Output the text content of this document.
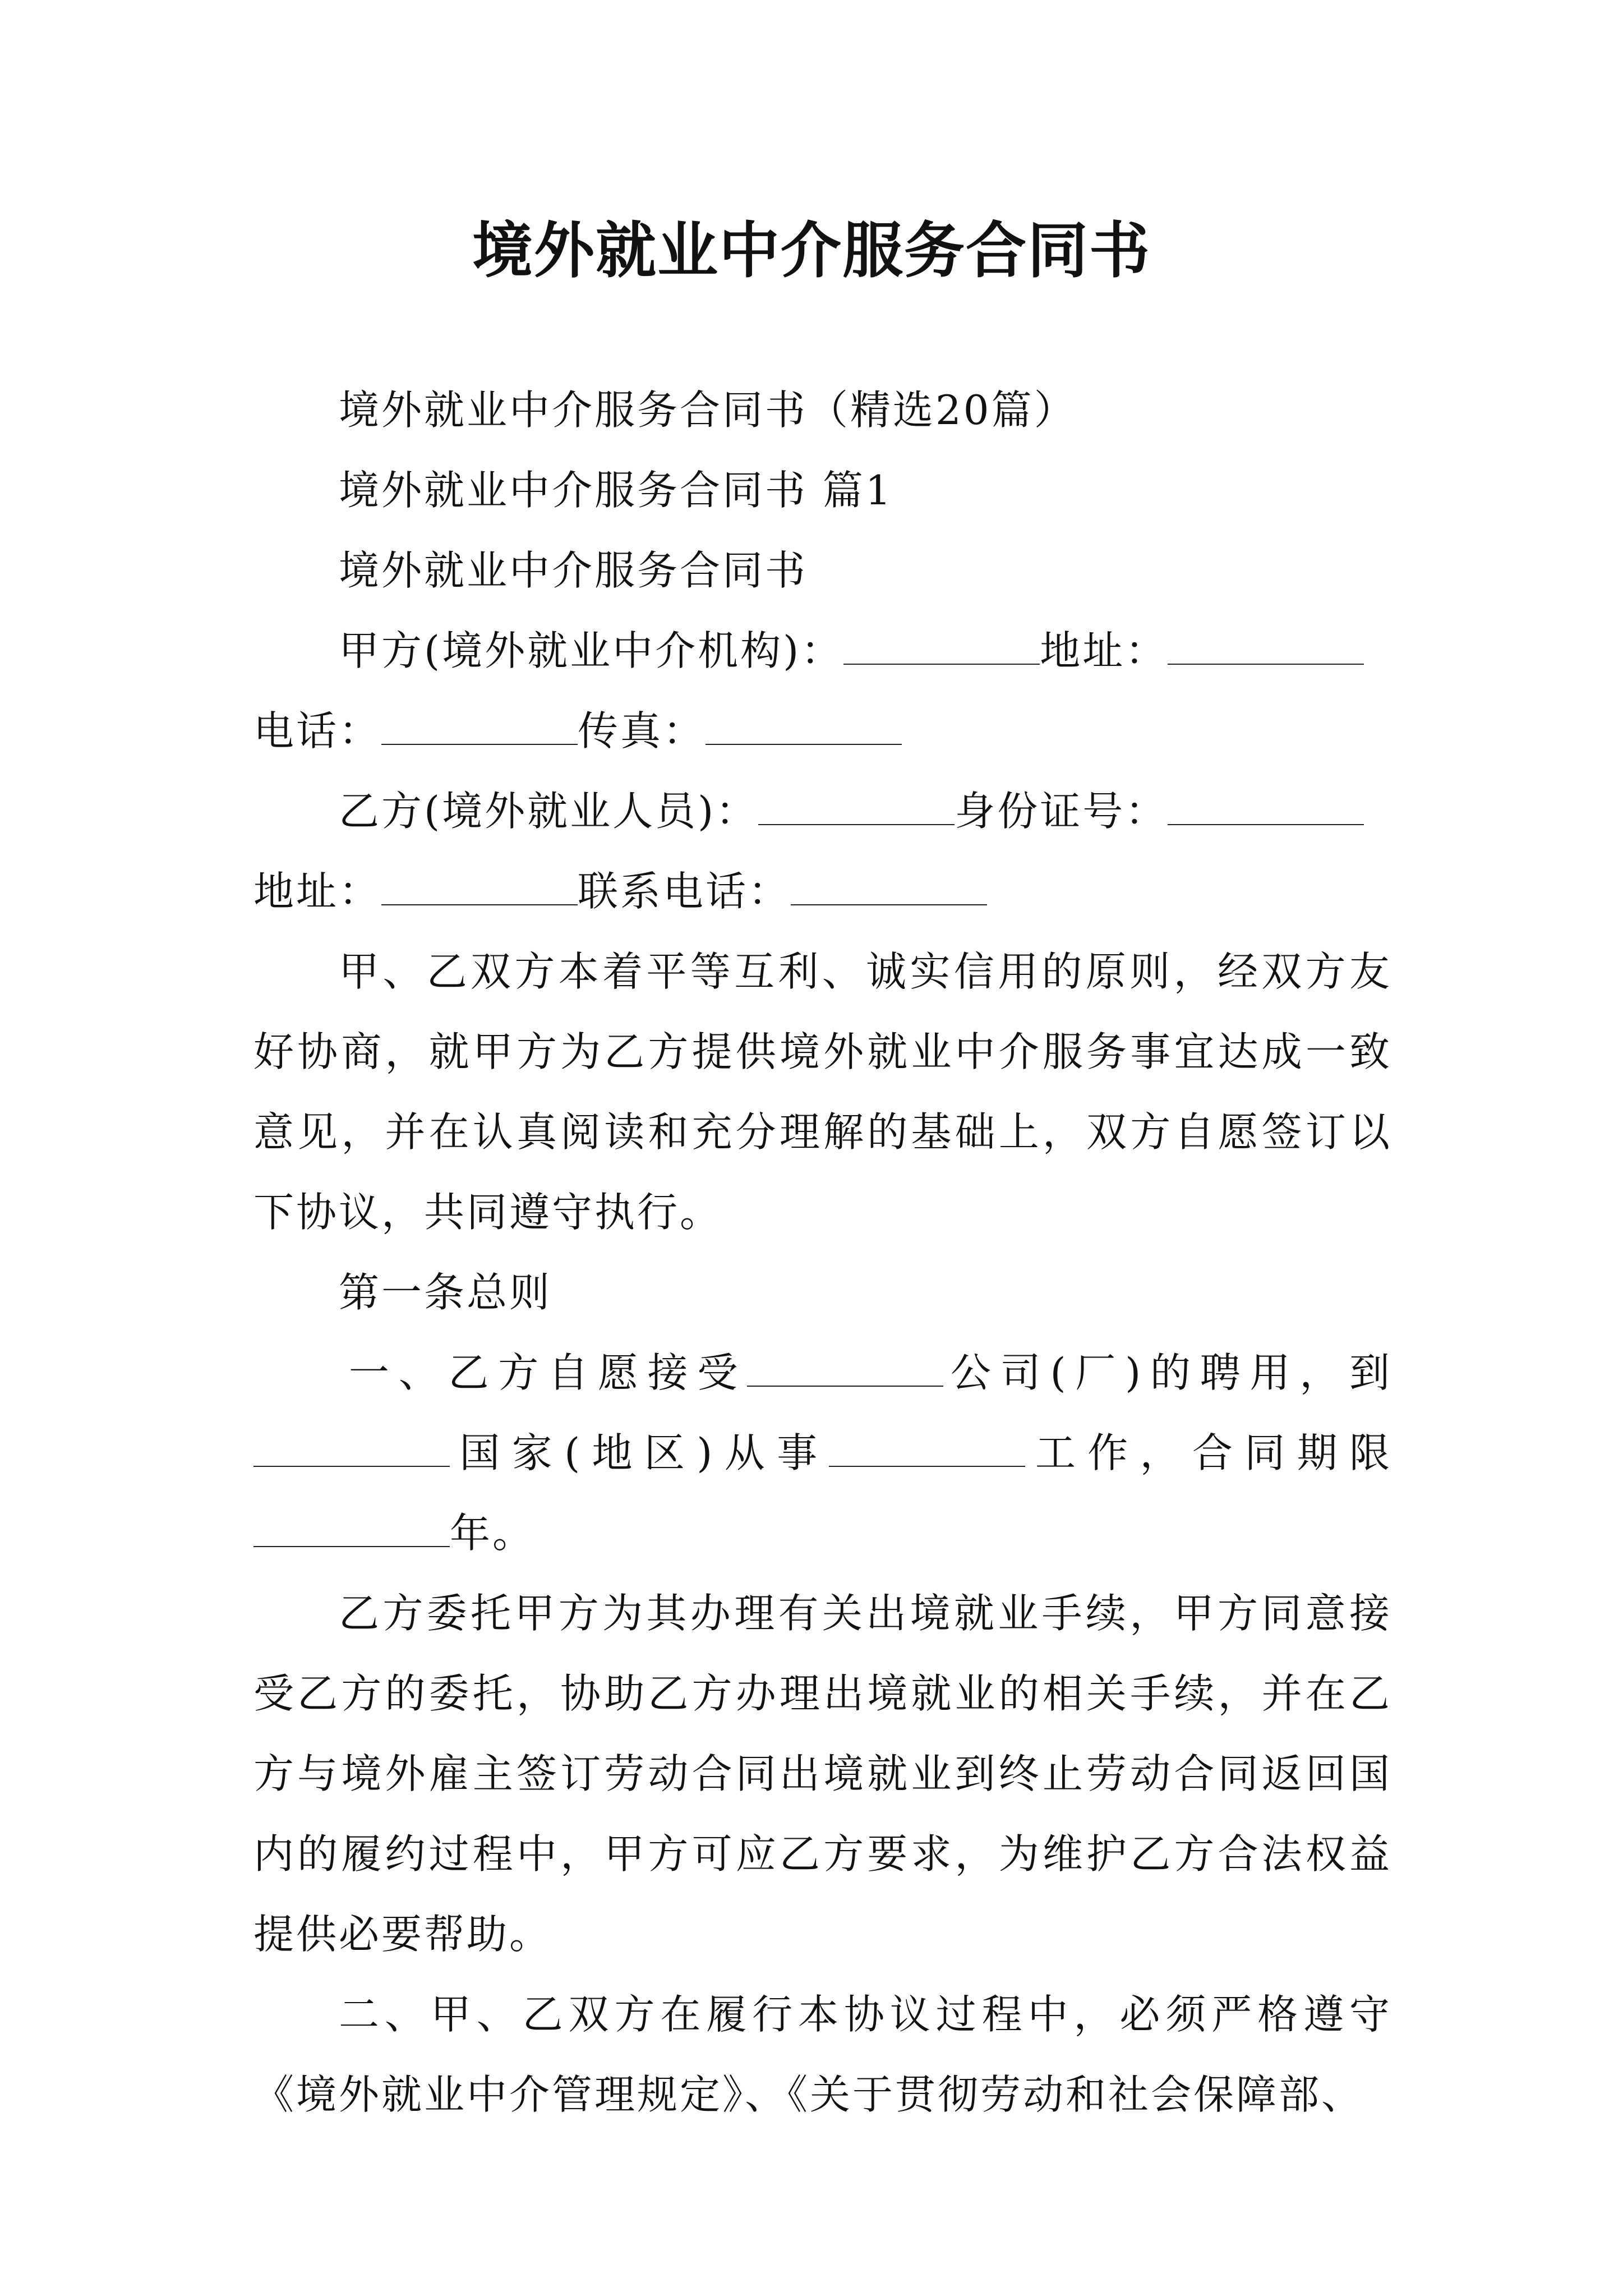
境外就业中介服务合同书

境外就业中介服务合同书（精选20篇）

境外就业中介服务合同书 篇1

境外就业中介服务合同书

甲方(境外就业中介机构)：	地址：
电话：	传真：

乙方(境外就业人员)：	身份证号：
地址：	联系电话：

甲、乙双方本着平等互利、诚实信用的原则，经双方友好协商，就甲方为乙方提供境外就业中介服务事宜达成一致意见，并在认真阅读和充分理解的基础上，双方自愿签订以下协议，共同遵守执行。

第一条总则

一、乙方自愿接受	公司(厂)的聘用，到国家(地区)从事	工作，合同期限年。

乙方委托甲方为其办理有关出境就业手续，甲方同意接受乙方的委托，协助乙方办理出境就业的相关手续，并在乙方与境外雇主签订劳动合同出境就业到终止劳动合同返回国内的履约过程中，甲方可应乙方要求，为维护乙方合法权益提供必要帮助。

二、甲、乙双方在履行本协议过程中，必须严格遵守《境外就业中介管理规定》、《关于贯彻劳动和社会保障部、
